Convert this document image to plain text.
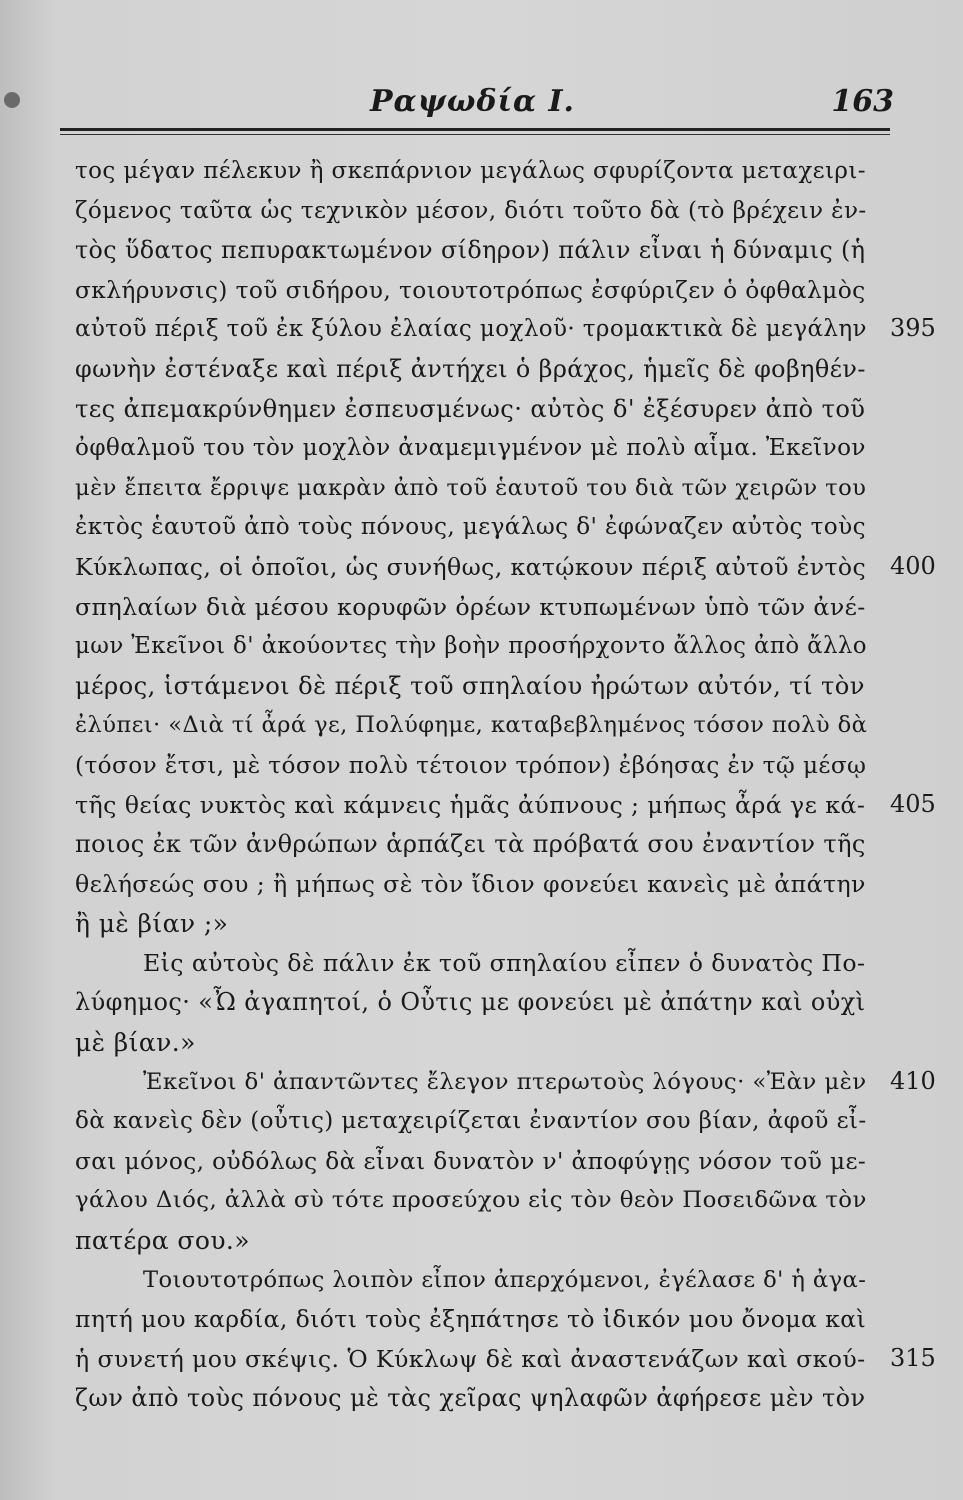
Ραψωδία Ι.	163
τος μέγαν πέλεκυν ἢ σκεπάρνιον μεγάλως σφυρίζοντα μεταχειρι-
ζόμενος ταῦτα ὡς τεχνικὸν μέσον, διότι τοῦτο δὰ (τὸ βρέχειν ἐν-
τὸς ὕδατος πεπυρακτωμένον σίδηρον) πάλιν εἶναι ἡ δύναμις (ἡ
σκλήρυνσις) τοῦ σιδήρου, τοιουτοτρόπως ἐσφύριζεν ὁ ὀφθαλμὸς
αὐτοῦ πέριξ τοῦ ἐκ ξύλου ἐλαίας μοχλοῦ· τρομακτικὰ δὲ μεγάλην
φωνὴν ἐστέναξε καὶ πέριξ ἀντήχει ὁ βράχος, ἡμεῖς δὲ φοβηθέν-
τες ἀπεμακρύνθημεν ἐσπευσμένως· αὐτὸς δ' ἐξέσυρεν ἀπὸ τοῦ
ὀφθαλμοῦ του τὸν μοχλὸν ἀναμεμιγμένον μὲ πολὺ αἷμα. Ἐκεῖνον
μὲν ἔπειτα ἔρριψε μακρὰν ἀπὸ τοῦ ἑαυτοῦ του διὰ τῶν χειρῶν του
ἐκτὸς ἑαυτοῦ ἀπὸ τοὺς πόνους, μεγάλως δ' ἐφώναζεν αὐτὸς τοὺς
Κύκλωπας, οἱ ὁποῖοι, ὡς συνήθως, κατῴκουν πέριξ αὐτοῦ ἐντὸς
σπηλαίων διὰ μέσου κορυφῶν ὀρέων κτυπωμένων ὑπὸ τῶν ἀνέ-
μων Ἐκεῖνοι δ' ἀκούοντες τὴν βοὴν προσήρχοντο ἄλλος ἀπὸ ἄλλο
μέρος, ἱστάμενοι δὲ πέριξ τοῦ σπηλαίου ἠρώτων αὐτόν, τί τὸν
ἐλύπει· «Διὰ τί ἆρά γε, Πολύφημε, καταβεβλημένος τόσον πολὺ δὰ
(τόσον ἔτσι, μὲ τόσον πολὺ τέτοιον τρόπον) ἐβόησας ἐν τῷ μέσῳ
τῆς θείας νυκτὸς καὶ κάμνεις ἡμᾶς ἀύπνους ; μήπως ἆρά γε κά-
ποιος ἐκ τῶν ἀνθρώπων ἁρπάζει τὰ πρόβατά σου ἐναντίον τῆς
θελήσεώς σου ; ἢ μήπως σὲ τὸν ἴδιον φονεύει κανεὶς μὲ ἀπάτην
ἢ μὲ βίαν ;»
Εἰς αὐτοὺς δὲ πάλιν ἐκ τοῦ σπηλαίου εἶπεν ὁ δυνατὸς Πο-
λύφημος· «Ὦ ἀγαπητοί, ὁ Οὖτις με φονεύει μὲ ἀπάτην καὶ οὐχὶ
μὲ βίαν.»
Ἐκεῖνοι δ' ἀπαντῶντες ἔλεγον πτερωτοὺς λόγους· «Ἐὰν μὲν
δὰ κανεὶς δὲν (οὖτις) μεταχειρίζεται ἐναντίον σου βίαν, ἀφοῦ εἶ-
σαι μόνος, οὐδόλως δὰ εἶναι δυνατὸν ν' ἀποφύγῃς νόσον τοῦ με-
γάλου Διός, ἀλλὰ σὺ τότε προσεύχου εἰς τὸν θεὸν Ποσειδῶνα τὸν
πατέρα σου.»
Τοιουτοτρόπως λοιπὸν εἶπον ἀπερχόμενοι, ἐγέλασε δ' ἡ ἀγα-
πητή μου καρδία, διότι τοὺς ἐξηπάτησε τὸ ἰδικόν μου ὄνομα καὶ
ἡ συνετή μου σκέψις. Ὁ Κύκλωψ δὲ καὶ ἀναστενάζων καὶ σκού-
ζων ἀπὸ τοὺς πόνους μὲ τὰς χεῖρας ψηλαφῶν ἀφήρεσε μὲν τὸν
395
400
405
410
315
